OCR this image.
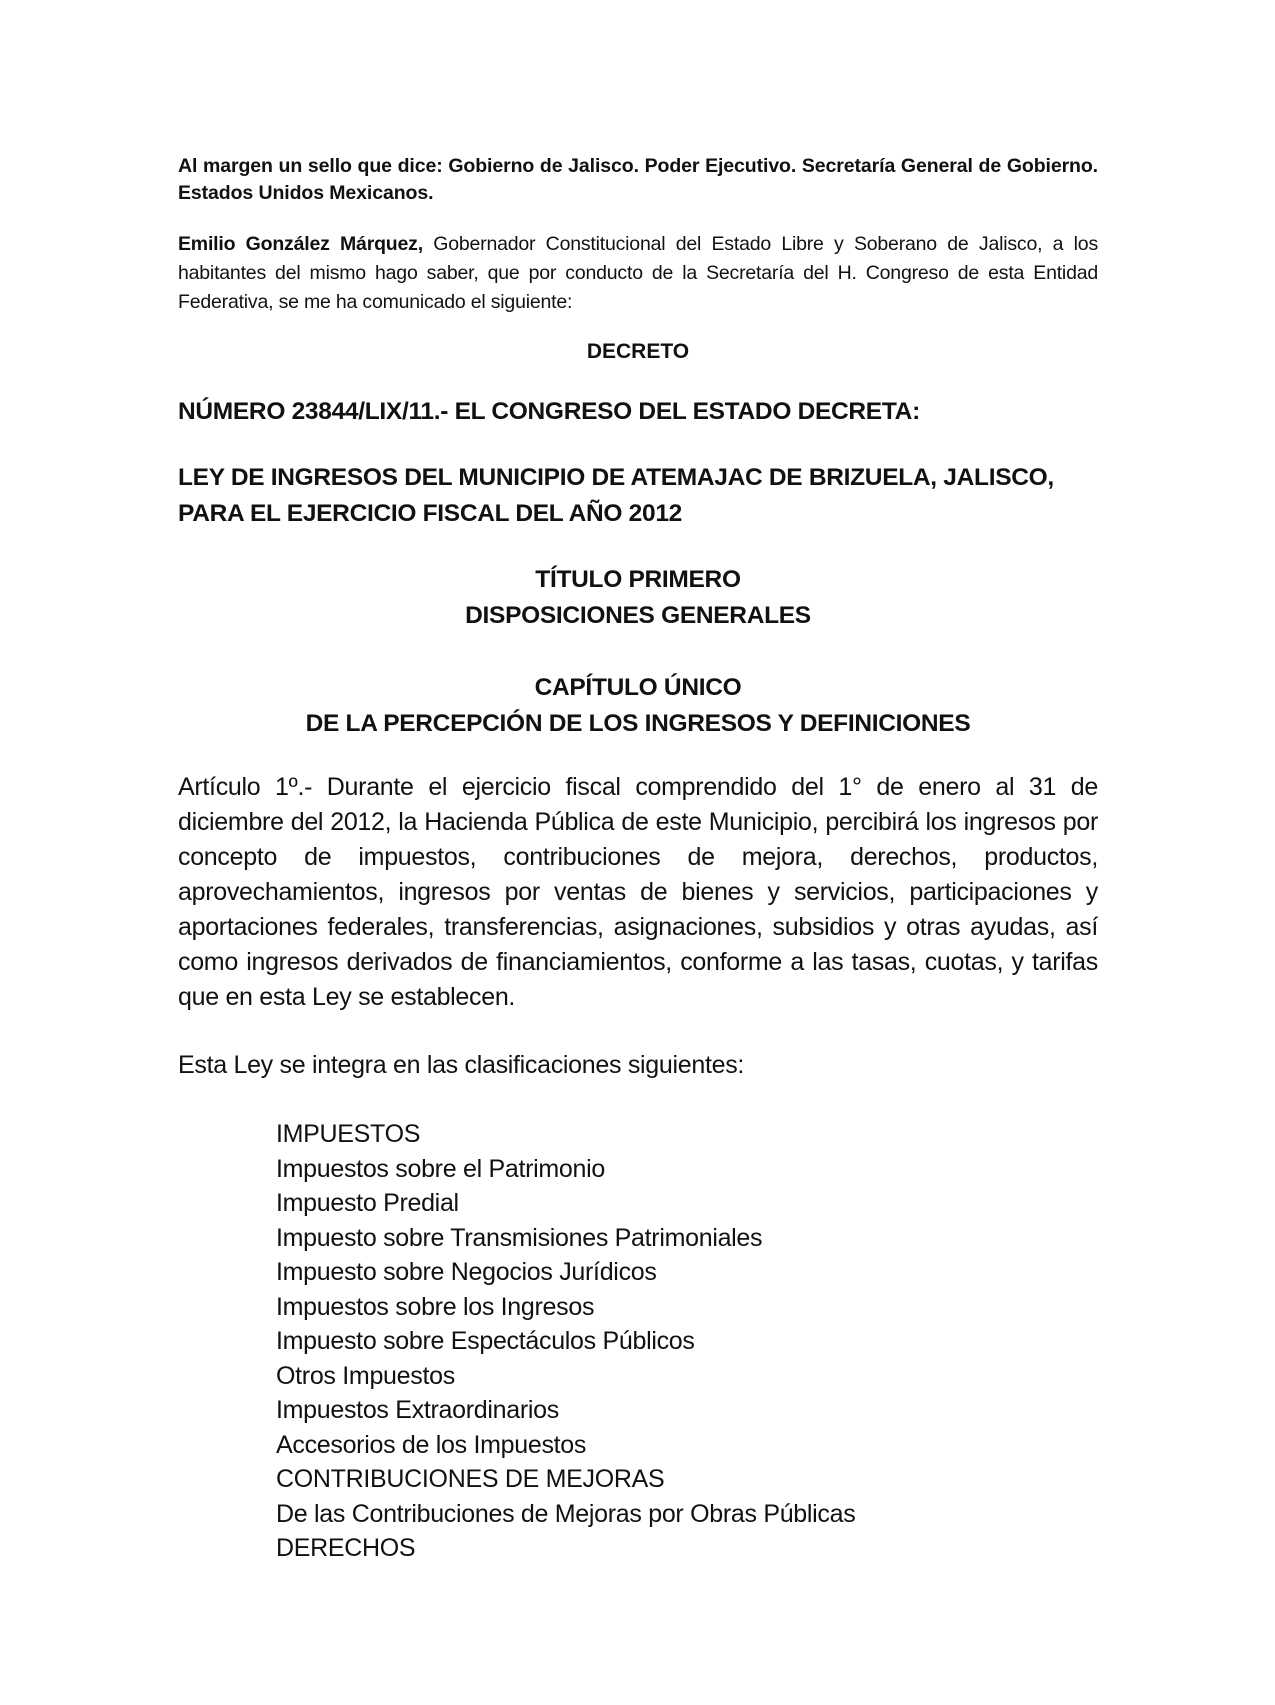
Al margen un sello que dice: Gobierno de Jalisco. Poder Ejecutivo. Secretaría General de Gobierno. Estados Unidos Mexicanos.
Emilio González Márquez, Gobernador Constitucional del Estado Libre y Soberano de Jalisco, a los habitantes del mismo hago saber, que por conducto de la Secretaría del H. Congreso de esta Entidad Federativa, se me ha comunicado el siguiente:
DECRETO
NÚMERO 23844/LIX/11.- EL CONGRESO DEL ESTADO DECRETA:
LEY DE INGRESOS DEL MUNICIPIO DE ATEMAJAC DE BRIZUELA, JALISCO,
PARA EL EJERCICIO FISCAL DEL AÑO 2012
TÍTULO PRIMERO
DISPOSICIONES GENERALES
CAPÍTULO ÚNICO
DE LA PERCEPCIÓN DE LOS INGRESOS Y DEFINICIONES
Artículo 1º.- Durante el ejercicio fiscal comprendido del 1° de enero al 31 de diciembre del 2012, la Hacienda Pública de este Municipio, percibirá los ingresos por concepto de impuestos, contribuciones de mejora, derechos, productos, aprovechamientos, ingresos por ventas de bienes y servicios, participaciones y aportaciones federales, transferencias, asignaciones, subsidios y otras ayudas, así como ingresos derivados de financiamientos, conforme a las tasas, cuotas, y tarifas que en esta Ley se establecen.
Esta Ley se integra en las clasificaciones siguientes:
IMPUESTOS
Impuestos sobre el Patrimonio
Impuesto Predial
Impuesto sobre Transmisiones Patrimoniales
Impuesto sobre Negocios Jurídicos
Impuestos sobre los Ingresos
Impuesto sobre Espectáculos Públicos
Otros Impuestos
Impuestos Extraordinarios
Accesorios de los Impuestos
CONTRIBUCIONES DE MEJORAS
De las Contribuciones de Mejoras por Obras Públicas
DERECHOS
